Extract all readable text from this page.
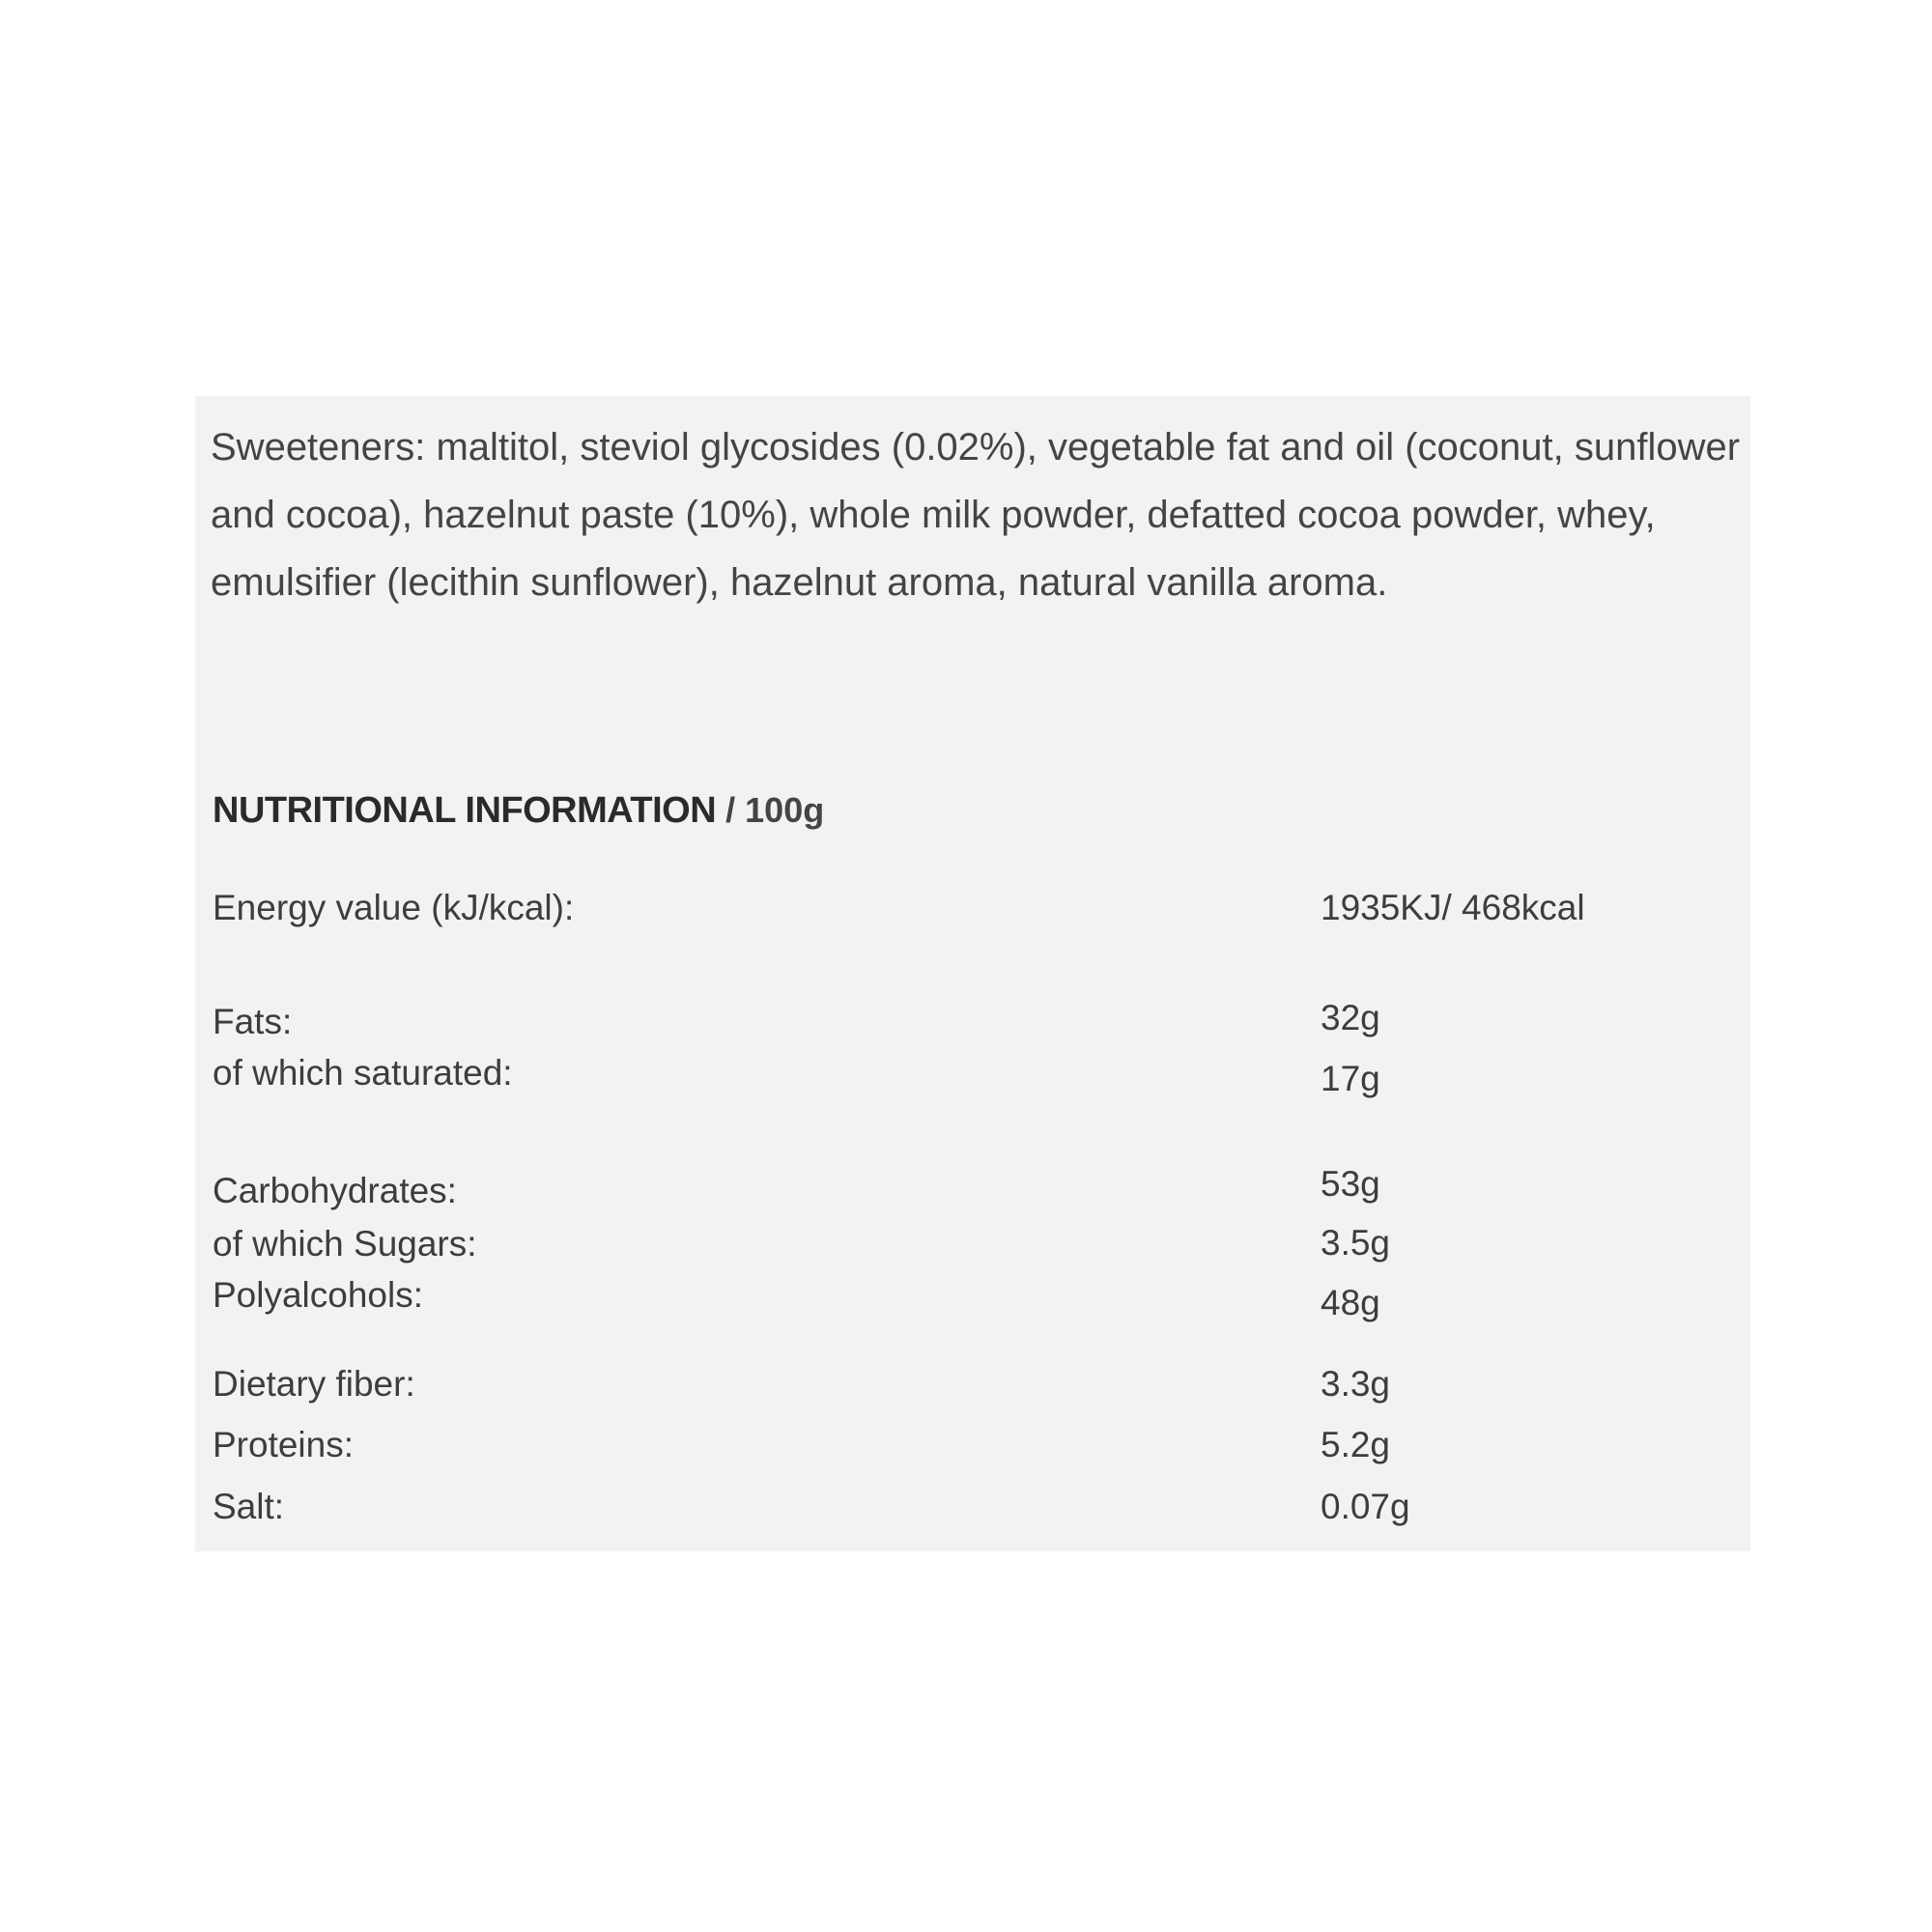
Sweeteners: maltitol, steviol glycosides (0.02%), vegetable fat and oil (coconut, sunflower and cocoa), hazelnut paste (10%), whole milk powder, defatted cocoa powder, whey, emulsifier (lecithin sunflower), hazelnut aroma, natural vanilla aroma.

NUTRITIONAL INFORMATION / 100g
Energy value (kJ/kcal):	1935KJ/ 468kcal
Fats:	32g
of which saturated:	17g
Carbohydrates:	53g
of which Sugars:	3.5g
Polyalcohols:	48g
Dietary fiber:	3.3g
Proteins:	5.2g
Salt:	0.07g
